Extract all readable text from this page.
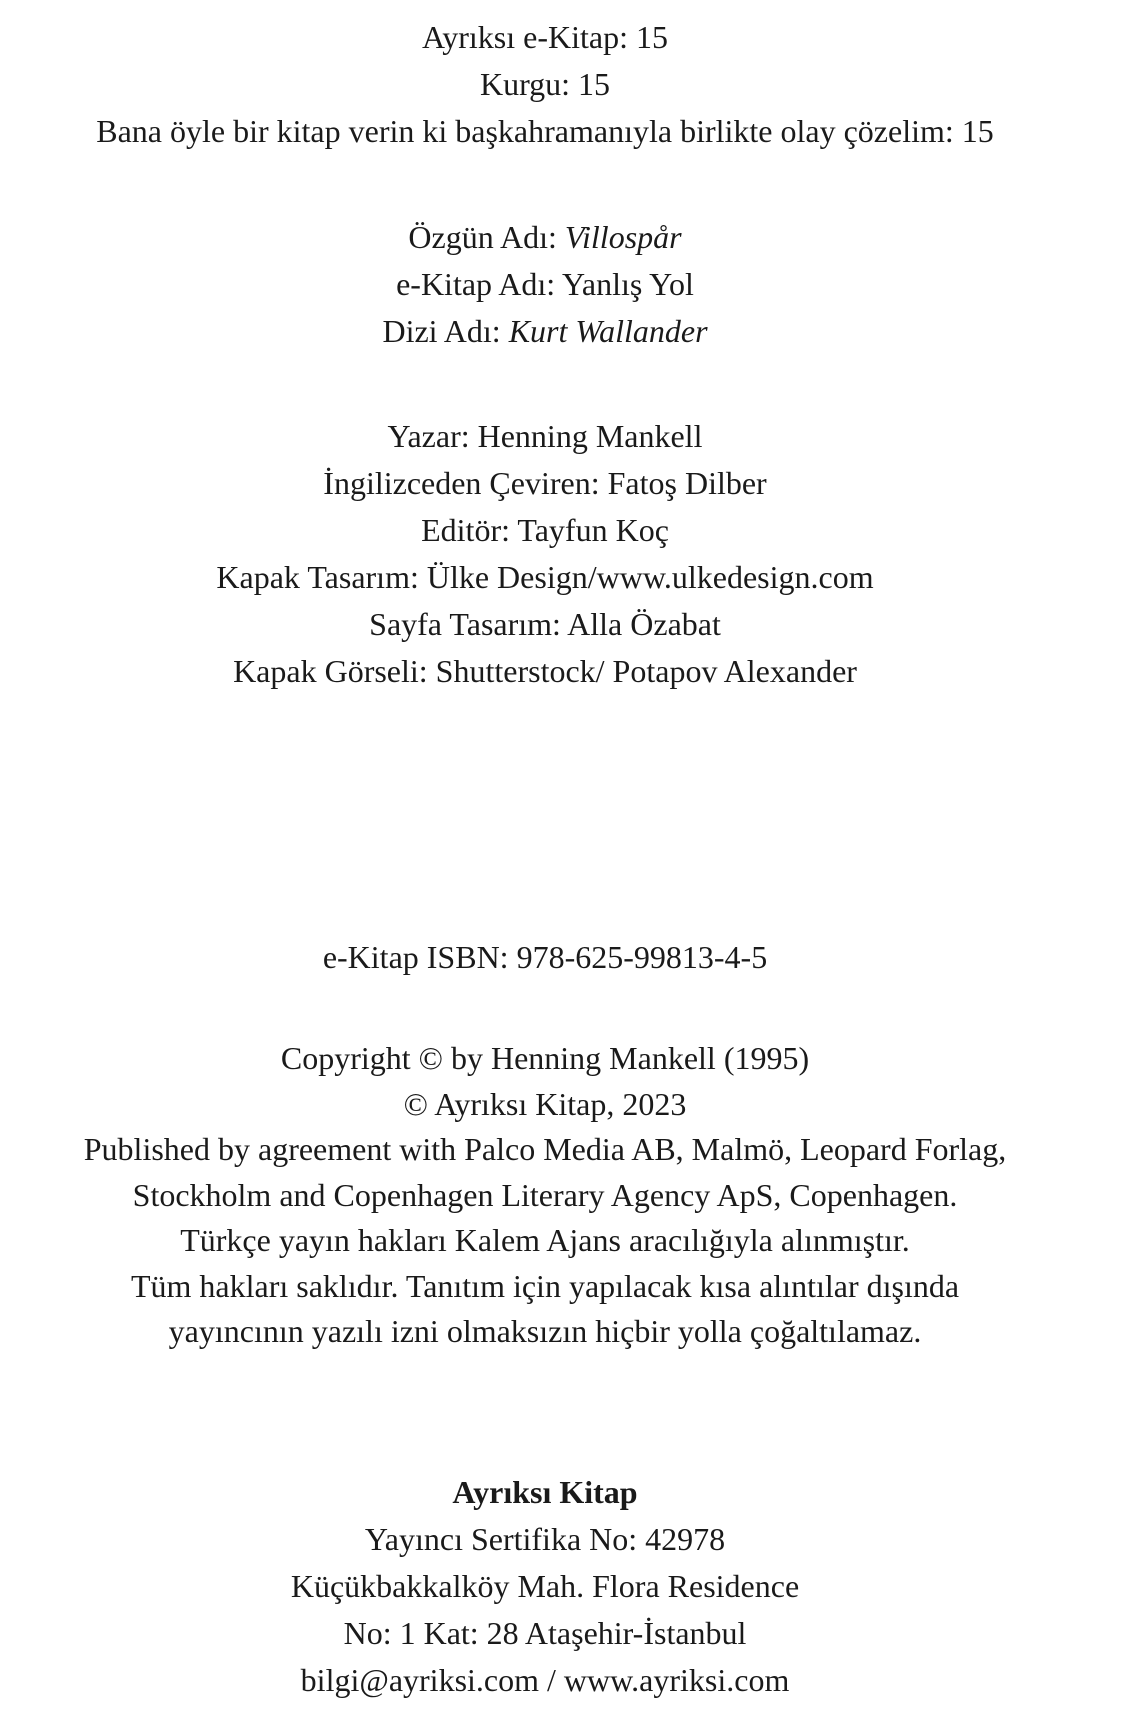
Ayrıksı e-Kitap: 15
Kurgu: 15
Bana öyle bir kitap verin ki başkahramanıyla birlikte olay çözelim: 15
Özgün Adı: Villospår
e-Kitap Adı: Yanlış Yol
Dizi Adı: Kurt Wallander
Yazar: Henning Mankell
İngilizceden Çeviren: Fatoş Dilber
Editör: Tayfun Koç
Kapak Tasarım: Ülke Design/www.ulkedesign.com
Sayfa Tasarım: Alla Özabat
Kapak Görseli: Shutterstock/ Potapov Alexander
e-Kitap ISBN: 978-625-99813-4-5
Copyright © by Henning Mankell (1995)
© Ayrıksı Kitap, 2023
Published by agreement with Palco Media AB, Malmö, Leopard Forlag,
Stockholm and Copenhagen Literary Agency ApS, Copenhagen.
Türkçe yayın hakları Kalem Ajans aracılığıyla alınmıştır.
Tüm hakları saklıdır. Tanıtım için yapılacak kısa alıntılar dışında
yayıncının yazılı izni olmaksızın hiçbir yolla çoğaltılamaz.
Ayrıksı Kitap
Yayıncı Sertifika No: 42978
Küçükbakkalköy Mah. Flora Residence
No: 1 Kat: 28 Ataşehir-İstanbul
bilgi@ayriksi.com / www.ayriksi.com
